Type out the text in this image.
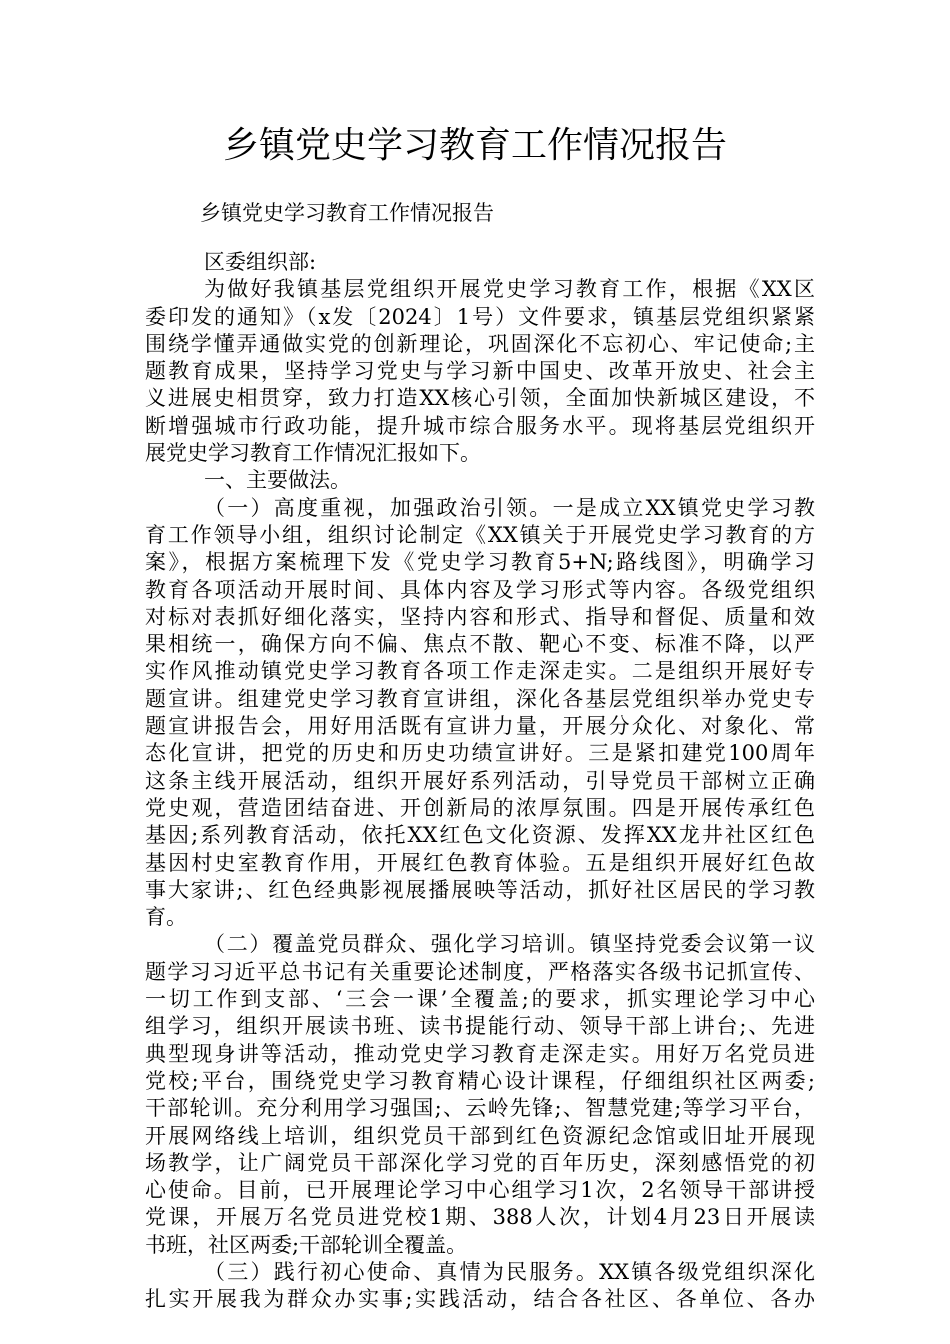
乡镇党史学习教育工作情况报告
乡镇党史学习教育工作情况报告
区委组织部:
为做好我镇基层党组织开展党史学习教育工作，根据《XX区
委印发的通知》（x发〔2024〕1号）文件要求，镇基层党组织紧紧
围绕学懂弄通做实党的创新理论，巩固深化不忘初心、牢记使命;主
题教育成果，坚持学习党史与学习新中国史、改革开放史、社会主
义进展史相贯穿，致力打造XX核心引领，全面加快新城区建设，不
断增强城市行政功能，提升城市综合服务水平。现将基层党组织开
展党史学习教育工作情况汇报如下。
一、主要做法。
（一）高度重视，加强政治引领。一是成立XX镇党史学习教
育工作领导小组，组织讨论制定《XX镇关于开展党史学习教育的方
案》，根据方案梳理下发《党史学习教育5+N;路线图》，明确学习
教育各项活动开展时间、具体内容及学习形式等内容。各级党组织
对标对表抓好细化落实，坚持内容和形式、指导和督促、质量和效
果相统一，确保方向不偏、焦点不散、靶心不变、标准不降，以严
实作风推动镇党史学习教育各项工作走深走实。二是组织开展好专
题宣讲。组建党史学习教育宣讲组，深化各基层党组织举办党史专
题宣讲报告会，用好用活既有宣讲力量，开展分众化、对象化、常
态化宣讲，把党的历史和历史功绩宣讲好。三是紧扣建党100周年
这条主线开展活动，组织开展好系列活动，引导党员干部树立正确
党史观，营造团结奋进、开创新局的浓厚氛围。四是开展传承红色
基因;系列教育活动，依托XX红色文化资源、发挥XX龙井社区红色
基因村史室教育作用，开展红色教育体验。五是组织开展好红色故
事大家讲;、红色经典影视展播展映等活动，抓好社区居民的学习教
育。
（二）覆盖党员群众、强化学习培训。镇坚持党委会议第一议
题学习习近平总书记有关重要论述制度，严格落实各级书记抓宣传、
一切工作到支部、‘三会一课’全覆盖;的要求，抓实理论学习中心
组学习，组织开展读书班、读书提能行动、领导干部上讲台;、先进
典型现身讲等活动，推动党史学习教育走深走实。用好万名党员进
党校;平台，围绕党史学习教育精心设计课程，仔细组织社区两委;
干部轮训。充分利用学习强国;、云岭先锋;、智慧党建;等学习平台，
开展网络线上培训，组织党员干部到红色资源纪念馆或旧址开展现
场教学，让广阔党员干部深化学习党的百年历史，深刻感悟党的初
心使命。目前，已开展理论学习中心组学习1次，2名领导干部讲授
党课，开展万名党员进党校1期、388人次，计划4月23日开展读
书班，社区两委;干部轮训全覆盖。
（三）践行初心使命、真情为民服务。XX镇各级党组织深化
扎实开展我为群众办实事;实践活动，结合各社区、各单位、各办
